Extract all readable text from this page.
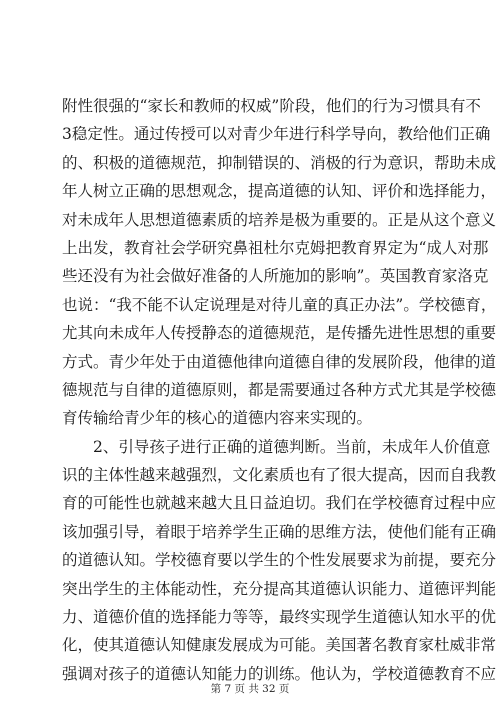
附性很强的“家长和教师的权威”阶段，他们的行为习惯具有不
3稳定性。通过传授可以对青少年进行科学导向，教给他们正确
的、积极的道德规范，抑制错误的、消极的行为意识，帮助未成
年人树立正确的思想观念，提高道德的认知、评价和选择能力，
对未成年人思想道德素质的培养是极为重要的。正是从这个意义
上出发，教育社会学研究鼻祖杜尔克姆把教育界定为“成人对那
些还没有为社会做好准备的人所施加的影响”。英国教育家洛克
也说：“我不能不认定说理是对待儿童的真正办法”。学校德育，
尤其向未成年人传授静态的道德规范，是传播先进性思想的重要
方式。青少年处于由道德他律向道德自律的发展阶段，他律的道
德规范与自律的道德原则，都是需要通过各种方式尤其是学校德
育传输给青少年的核心的道德内容来实现的。
2、引导孩子进行正确的道德判断。当前，未成年人价值意
识的主体性越来越强烈，文化素质也有了很大提高，因而自我教
育的可能性也就越来越大且日益迫切。我们在学校德育过程中应
该加强引导，着眼于培养学生正确的思维方法，使他们能有正确
的道德认知。学校德育要以学生的个性发展要求为前提，要充分
突出学生的主体能动性，充分提高其道德认识能力、道德评判能
力、道德价值的选择能力等等，最终实现学生道德认知水平的优
化，使其道德认知健康发展成为可能。美国著名教育家杜威非常
强调对孩子的道德认知能力的训练。他认为，学校道德教育不应
第 7 页 共 32 页
